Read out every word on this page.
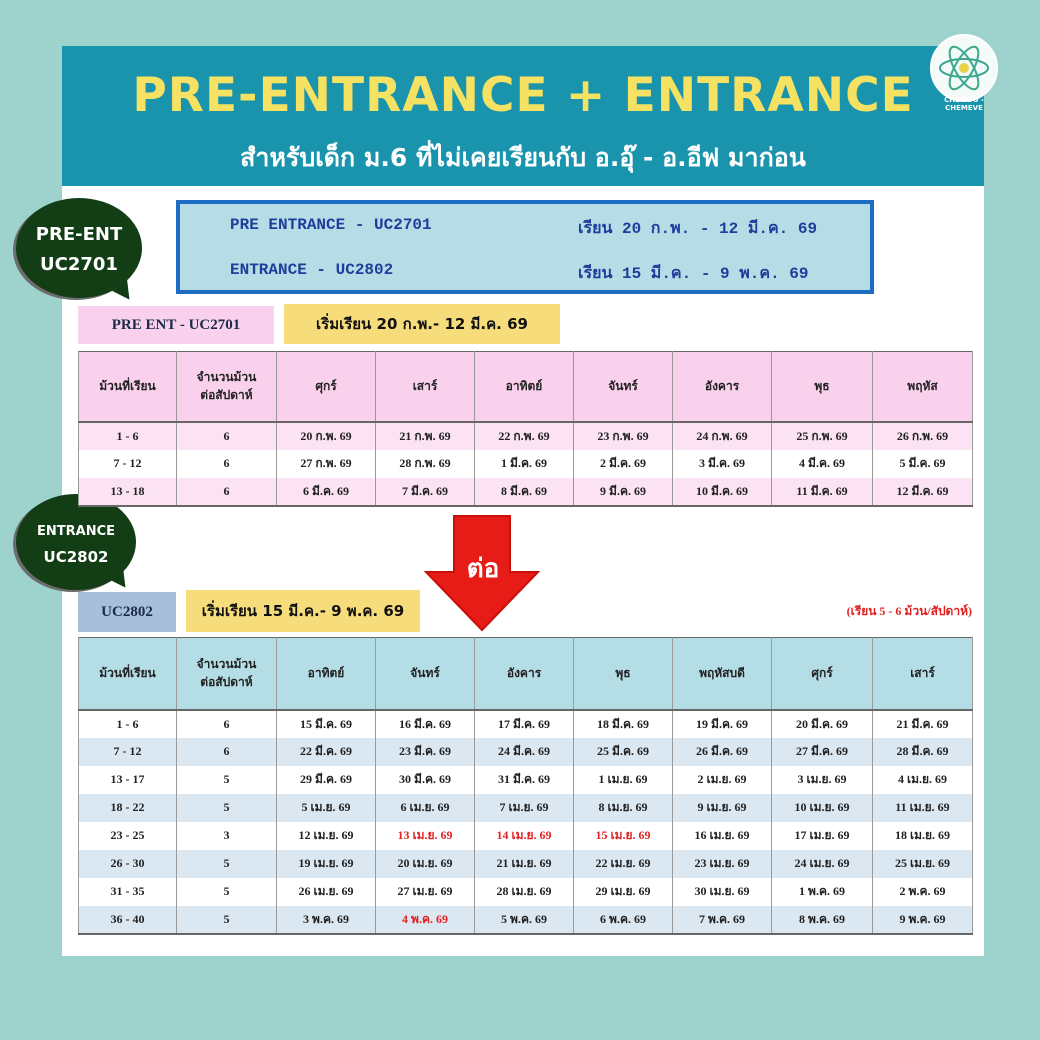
PRE-ENTRANCE + ENTRANCE
สำหรับเด็ก ม.6 ที่ไม่เคยเรียนกับ อ.อุ๊ - อ.อีฟ มาก่อน
CHEMOU - CHEMEVE
PRE ENTRANCE - UC2701	เรียน 20 ก.พ. - 12 มี.ค. 69
ENTRANCE - UC2802	เรียน 15 มี.ค. - 9 พ.ค. 69
PRE-ENT
UC2701
ENTRANCE
UC2802
PRE ENT - UC2701	เริ่มเรียน 20 ก.พ.- 12 มี.ค. 69
ม้วนที่เรียน	จำนวนม้วน
ต่อสัปดาห์	ศุกร์	เสาร์	อาทิตย์	จันทร์	อังคาร	พุธ	พฤหัส
1 - 6	6	20 ก.พ. 69	21 ก.พ. 69	22 ก.พ. 69	23 ก.พ. 69	24 ก.พ. 69	25 ก.พ. 69	26 ก.พ. 69
7 - 12	6	27 ก.พ. 69	28 ก.พ. 69	1 มี.ค. 69	2 มี.ค. 69	3 มี.ค. 69	4 มี.ค. 69	5 มี.ค. 69
13 - 18	6	6 มี.ค. 69	7 มี.ค. 69	8 มี.ค. 69	9 มี.ค. 69	10 มี.ค. 69	11 มี.ค. 69	12 มี.ค. 69
ต่อ
UC2802	เริ่มเรียน 15 มี.ค.- 9 พ.ค. 69	(เรียน 5 - 6 ม้วน/สัปดาห์)
ม้วนที่เรียน	จำนวนม้วน
ต่อสัปดาห์	อาทิตย์	จันทร์	อังคาร	พุธ	พฤหัสบดี	ศุกร์	เสาร์
1 - 6	6	15 มี.ค. 69	16 มี.ค. 69	17 มี.ค. 69	18 มี.ค. 69	19 มี.ค. 69	20 มี.ค. 69	21 มี.ค. 69
7 - 12	6	22 มี.ค. 69	23 มี.ค. 69	24 มี.ค. 69	25 มี.ค. 69	26 มี.ค. 69	27 มี.ค. 69	28 มี.ค. 69
13 - 17	5	29 มี.ค. 69	30 มี.ค. 69	31 มี.ค. 69	1 เม.ย. 69	2 เม.ย. 69	3 เม.ย. 69	4 เม.ย. 69
18 - 22	5	5 เม.ย. 69	6 เม.ย. 69	7 เม.ย. 69	8 เม.ย. 69	9 เม.ย. 69	10 เม.ย. 69	11 เม.ย. 69
23 - 25	3	12 เม.ย. 69	13 เม.ย. 69	14 เม.ย. 69	15 เม.ย. 69	16 เม.ย. 69	17 เม.ย. 69	18 เม.ย. 69
26 - 30	5	19 เม.ย. 69	20 เม.ย. 69	21 เม.ย. 69	22 เม.ย. 69	23 เม.ย. 69	24 เม.ย. 69	25 เม.ย. 69
31 - 35	5	26 เม.ย. 69	27 เม.ย. 69	28 เม.ย. 69	29 เม.ย. 69	30 เม.ย. 69	1 พ.ค. 69	2 พ.ค. 69
36 - 40	5	3 พ.ค. 69	4 พ.ค. 69	5 พ.ค. 69	6 พ.ค. 69	7 พ.ค. 69	8 พ.ค. 69	9 พ.ค. 69
